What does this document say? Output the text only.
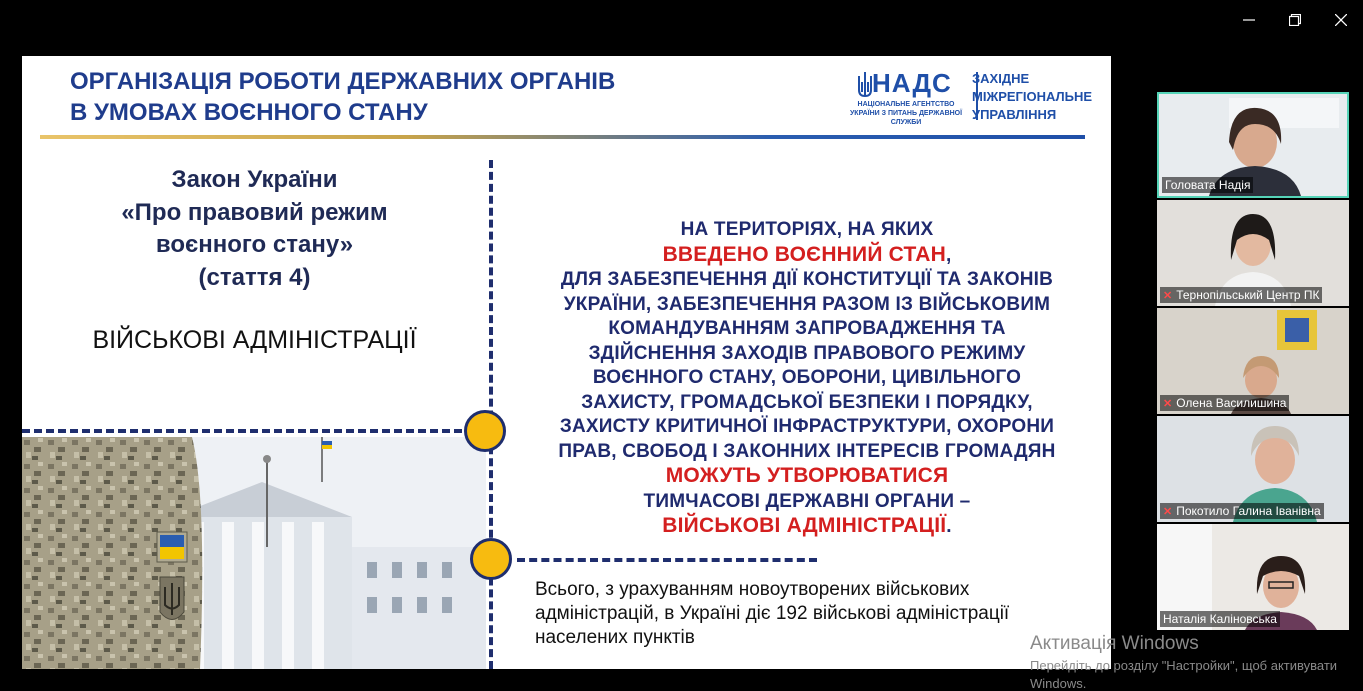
ОРГАНІЗАЦІЯ РОБОТИ ДЕРЖАВНИХ ОРГАНІВ
В УМОВАХ ВОЄННОГО СТАНУ
НАДС
НАЦІОНАЛЬНЕ АГЕНТСТВО УКРАЇНИ З ПИТАНЬ ДЕРЖАВНОЇ СЛУЖБИ
ЗАХІДНЕ
МІЖРЕГІОНАЛЬНЕ
УПРАВЛІННЯ
Закон України
«Про правовий режим
воєнного стану»
(стаття 4)
ВІЙСЬКОВІ АДМІНІСТРАЦІЇ
НА ТЕРИТОРІЯХ, НА ЯКИХ
ВВЕДЕНО ВОЄННИЙ СТАН,
ДЛЯ ЗАБЕЗПЕЧЕННЯ ДІЇ КОНСТИТУЦІЇ ТА ЗАКОНІВ
УКРАЇНИ, ЗАБЕЗПЕЧЕННЯ РАЗОМ ІЗ ВІЙСЬКОВИМ
КОМАНДУВАННЯМ ЗАПРОВАДЖЕННЯ ТА
ЗДІЙСНЕННЯ ЗАХОДІВ ПРАВОВОГО РЕЖИМУ
ВОЄННОГО СТАНУ, ОБОРОНИ, ЦИВІЛЬНОГО
ЗАХИСТУ, ГРОМАДСЬКОЇ БЕЗПЕКИ І ПОРЯДКУ,
ЗАХИСТУ КРИТИЧНОЇ ІНФРАСТРУКТУРИ, ОХОРОНИ
ПРАВ, СВОБОД І ЗАКОННИХ ІНТЕРЕСІВ ГРОМАДЯН
МОЖУТЬ УТВОРЮВАТИСЯ
ТИМЧАСОВІ ДЕРЖАВНІ ОРГАНИ –
ВІЙСЬКОВІ АДМІНІСТРАЦІЇ.
Всього, з урахуванням новоутворених військових адміністрацій, в Україні діє 192 військові адміністрації населених пунктів
Головата Надія
✕ Тернопільський Центр ПК
✕ Олена Василишина
✕ Покотило Галина Іванівна
Наталія Каліновська
Активація Windows
Перейдіть до розділу "Настройки", щоб активувати Windows.
